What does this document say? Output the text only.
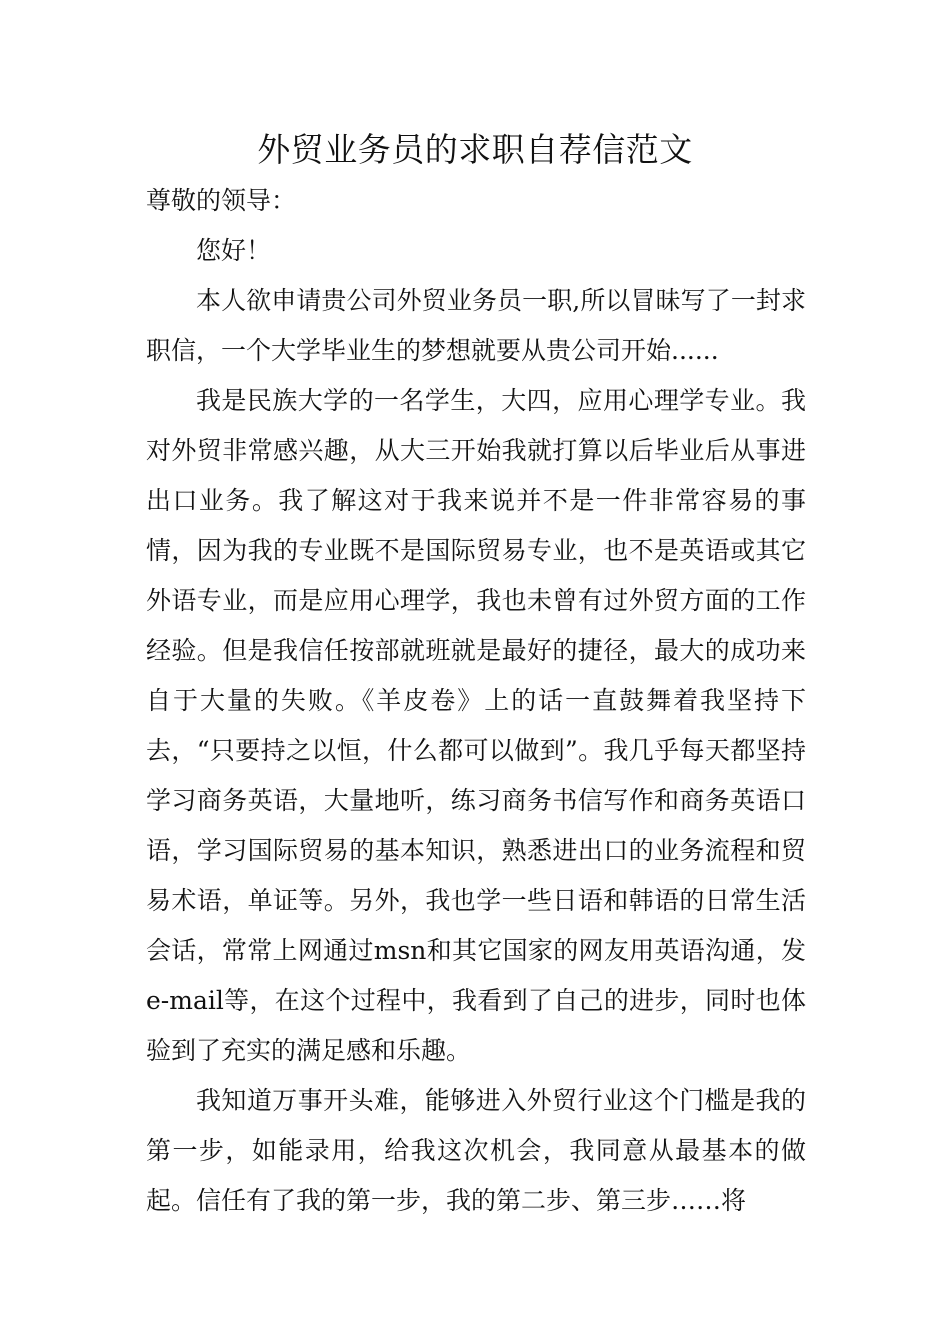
外贸业务员的求职自荐信范文

尊敬的领导：

您好！

本人欲申请贵公司外贸业务员一职,所以冒昧写了一封求职信，一个大学毕业生的梦想就要从贵公司开始......

我是民族大学的一名学生，大四，应用心理学专业。我对外贸非常感兴趣，从大三开始我就打算以后毕业后从事进出口业务。我了解这对于我来说并不是一件非常容易的事情，因为我的专业既不是国际贸易专业，也不是英语或其它外语专业，而是应用心理学，我也未曾有过外贸方面的工作经验。但是我信任按部就班就是最好的捷径，最大的成功来自于大量的失败。《羊皮卷》上的话一直鼓舞着我坚持下去，“只要持之以恒，什么都可以做到”。我几乎每天都坚持学习商务英语，大量地听，练习商务书信写作和商务英语口语，学习国际贸易的基本知识，熟悉进出口的业务流程和贸易术语，单证等。另外，我也学一些日语和韩语的日常生活会话，常常上网通过msn和其它国家的网友用英语沟通，发e-mail等，在这个过程中，我看到了自己的进步，同时也体验到了充实的满足感和乐趣。

我知道万事开头难，能够进入外贸行业这个门槛是我的第一步，如能录用，给我这次机会，我同意从最基本的做起。信任有了我的第一步，我的第二步、第三步……将
